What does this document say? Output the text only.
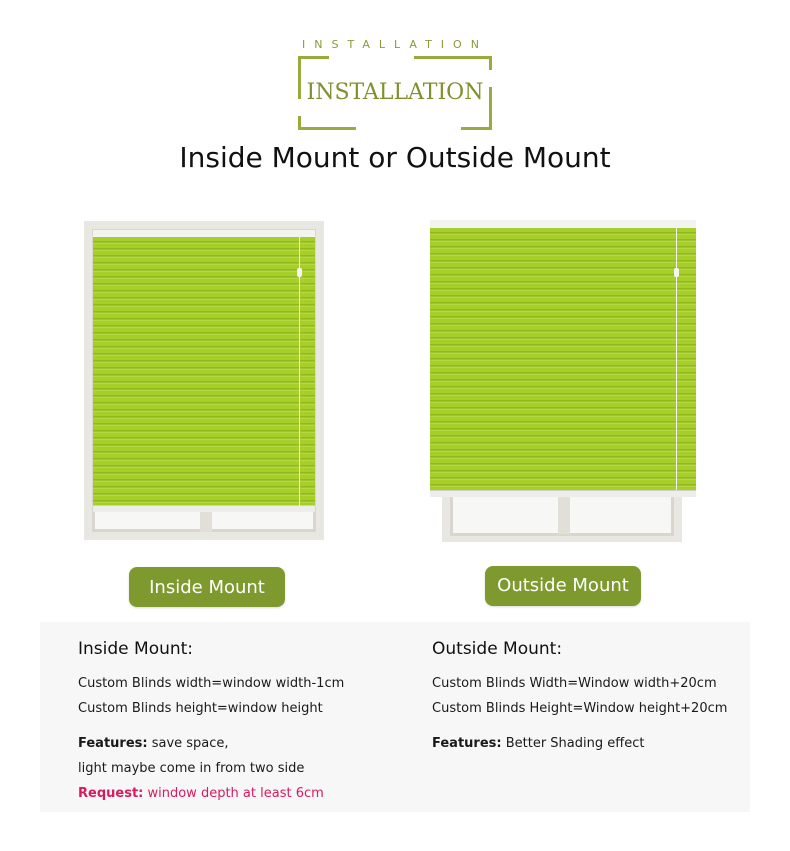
INSTALLATION
INSTALLATION
Inside Mount or Outside Mount
Inside Mount	Outside Mount
Inside Mount:
Custom Blinds width=window width-1cm
Custom Blinds height=window height
Features: save space,
light maybe come in from two side
Request: window depth at least 6cm
Outside Mount:
Custom Blinds Width=Window width+20cm
Custom Blinds Height=Window height+20cm
Features: Better Shading effect
